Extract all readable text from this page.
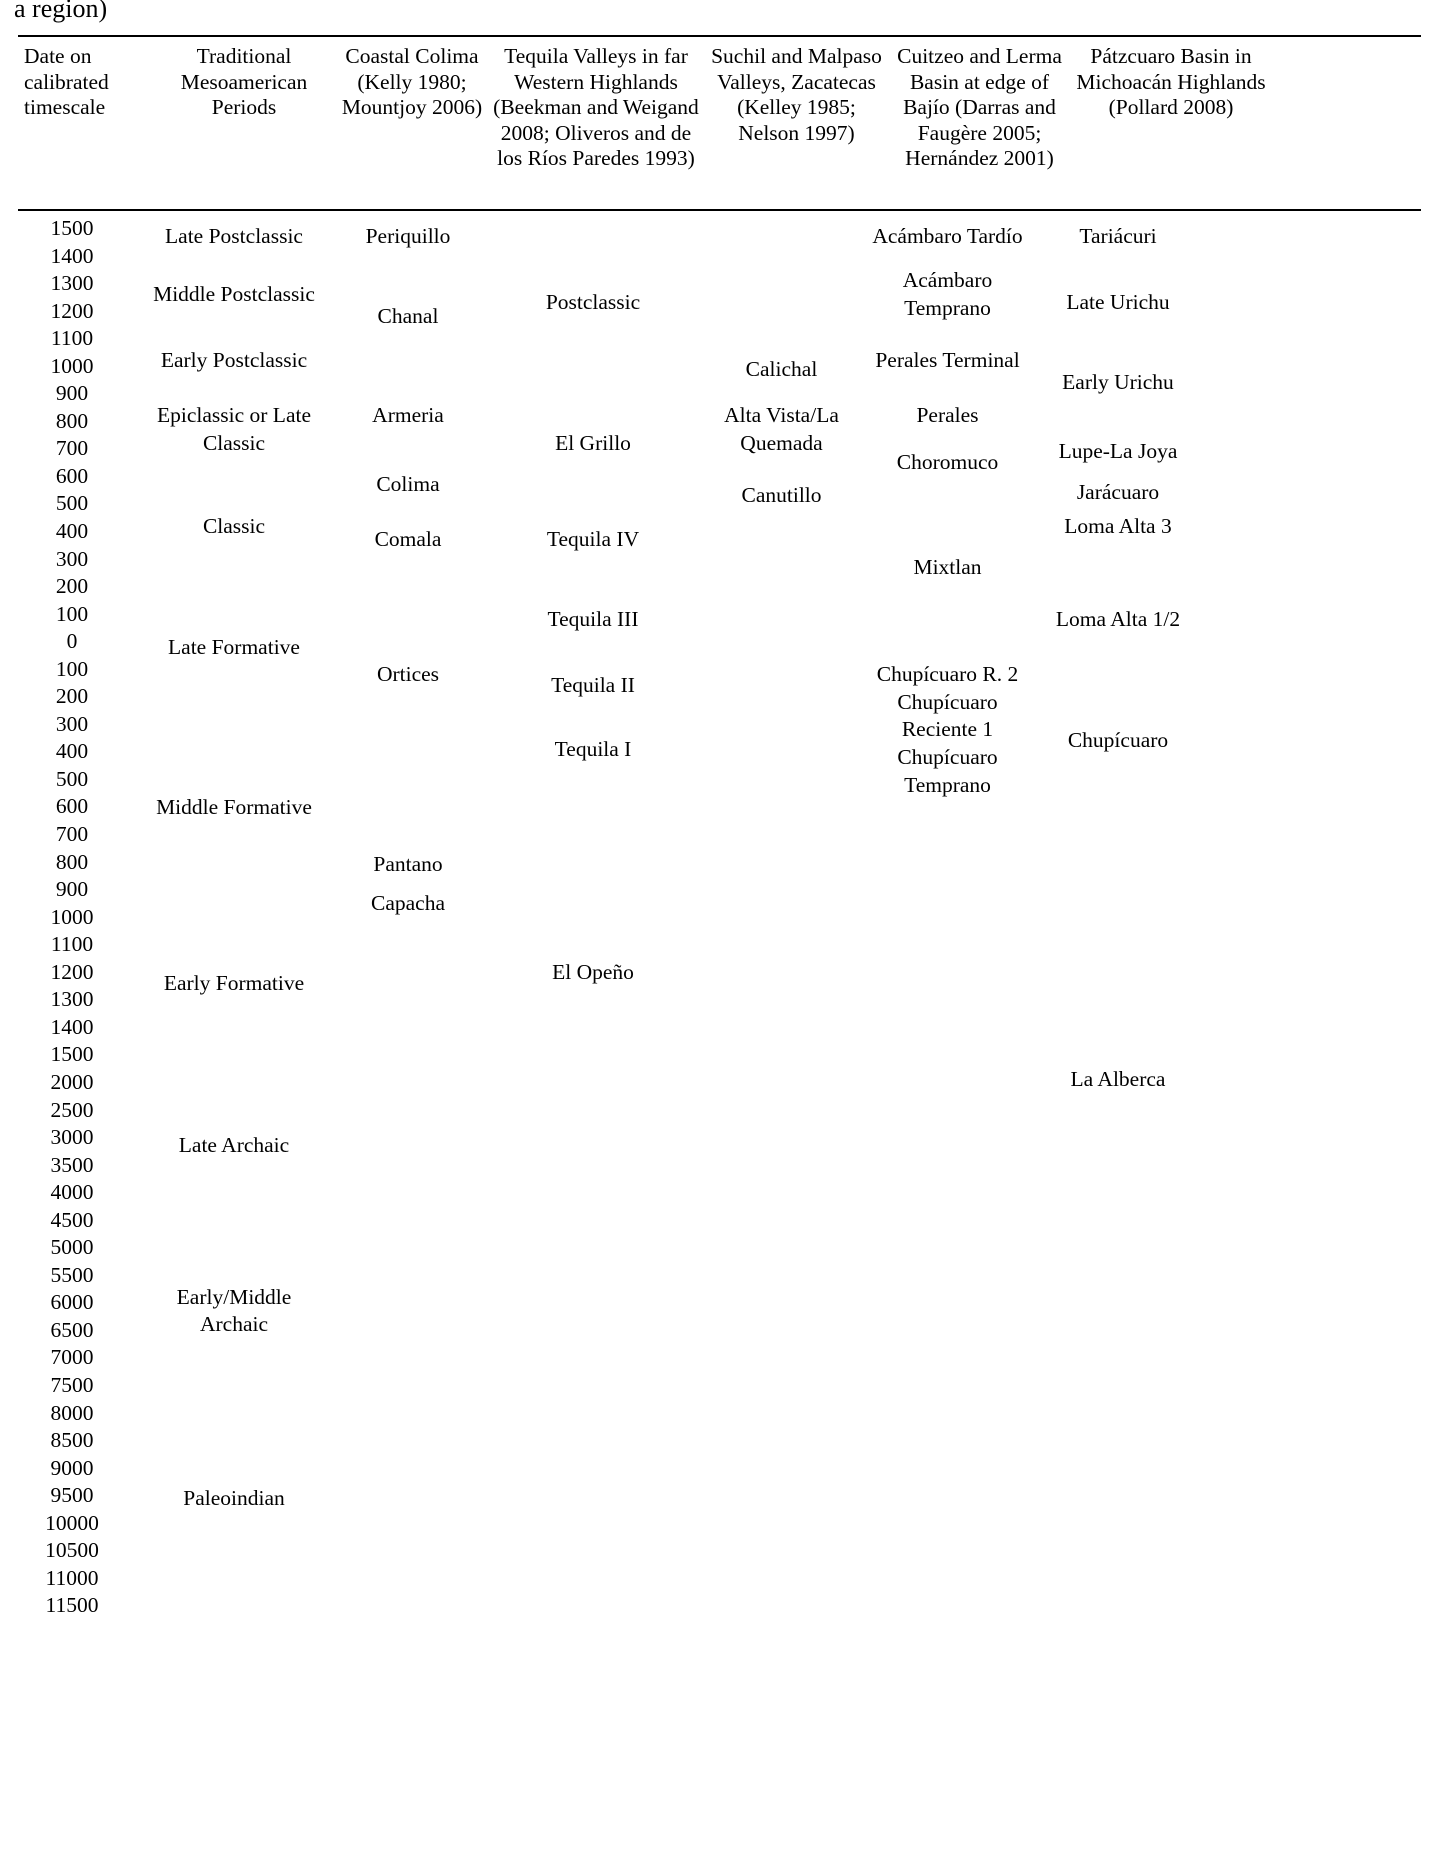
a region)
Date on calibrated timescale
Traditional Mesoamerican Periods
Coastal Colima (Kelly 1980; Mountjoy 2006)
Tequila Valleys in far Western Highlands (Beekman and Weigand 2008; Oliveros and de los Ríos Paredes 1993)
Suchil and Malpaso Valleys, Zacatecas (Kelley 1985; Nelson 1997)
Cuitzeo and Lerma Basin at edge of Bajío (Darras and Faugère 2005; Hernández 2001)
Pátzcuaro Basin in Michoacán Highlands (Pollard 2008)
1500
1400
1300
1200
1100
1000
900
800
700
600
500
400
300
200
100
0
100
200
300
400
500
600
700
800
900
1000
1100
1200
1300
1400
1500
2000
2500
3000
3500
4000
4500
5000
5500
6000
6500
7000
7500
8000
8500
9000
9500
10000
10500
11000
11500
Late Postclassic
Middle Postclassic
Early Postclassic
Epiclassic or Late
Classic
Classic
Late Formative
Middle Formative
Early Formative
Late Archaic
Early/Middle
Archaic
Paleoindian
Periquillo
Chanal
Armeria
Colima
Comala
Ortices
Pantano
Capacha
Postclassic
El Grillo
Tequila IV
Tequila III
Tequila II
Tequila I
El Opeño
Calichal
Alta Vista/La
Quemada
Canutillo
Acámbaro Tardío
Acámbaro
Temprano
Perales Terminal
Perales
Choromuco
Mixtlan
Chupícuaro R. 2
Chupícuaro
Reciente 1
Chupícuaro
Temprano
Tariácuri
Late Urichu
Early Urichu
Lupe-La Joya
Jarácuaro
Loma Alta 3
Loma Alta 1/2
Chupícuaro
La Alberca
